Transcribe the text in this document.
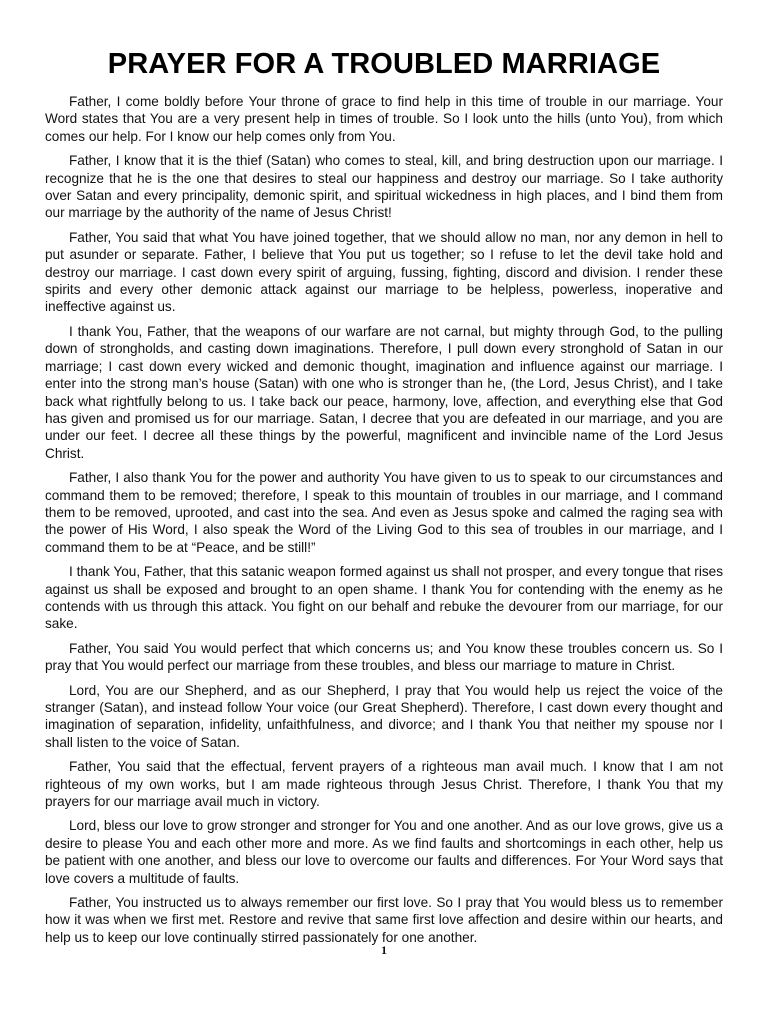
PRAYER FOR A TROUBLED MARRIAGE

Father, I come boldly before Your throne of grace to find help in this time of trouble in our marriage. Your Word states that You are a very present help in times of trouble. So I look unto the hills (unto You), from which comes our help. For I know our help comes only from You.

Father, I know that it is the thief (Satan) who comes to steal, kill, and bring destruction upon our marriage. I recognize that he is the one that desires to steal our happiness and destroy our marriage. So I take authority over Satan and every principality, demonic spirit, and spiritual wickedness in high places, and I bind them from our marriage by the authority of the name of Jesus Christ!

Father, You said that what You have joined together, that we should allow no man, nor any demon in hell to put asunder or separate. Father, I believe that You put us together; so I refuse to let the devil take hold and destroy our marriage. I cast down every spirit of arguing, fussing, fighting, discord and division. I render these spirits and every other demonic attack against our marriage to be helpless, powerless, inoperative and ineffective against us.

I thank You, Father, that the weapons of our warfare are not carnal, but mighty through God, to the pulling down of strongholds, and casting down imaginations. Therefore, I pull down every stronghold of Satan in our marriage; I cast down every wicked and demonic thought, imagination and influence against our marriage. I enter into the strong man’s house (Satan) with one who is stronger than he, (the Lord, Jesus Christ), and I take back what rightfully belong to us. I take back our peace, harmony, love, affection, and everything else that God has given and promised us for our marriage. Satan, I decree that you are defeated in our marriage, and you are under our feet. I decree all these things by the powerful, magnificent and invincible name of the Lord Jesus Christ.

Father, I also thank You for the power and authority You have given to us to speak to our circumstances and command them to be removed; therefore, I speak to this mountain of troubles in our marriage, and I command them to be removed, uprooted, and cast into the sea. And even as Jesus spoke and calmed the raging sea with the power of His Word, I also speak the Word of the Living God to this sea of troubles in our marriage, and I command them to be at “Peace, and be still!”

I thank You, Father, that this satanic weapon formed against us shall not prosper, and every tongue that rises against us shall be exposed and brought to an open shame. I thank You for contending with the enemy as he contends with us through this attack. You fight on our behalf and rebuke the devourer from our marriage, for our sake.

Father, You said You would perfect that which concerns us; and You know these troubles concern us. So I pray that You would perfect our marriage from these troubles, and bless our marriage to mature in Christ.

Lord, You are our Shepherd, and as our Shepherd, I pray that You would help us reject the voice of the stranger (Satan), and instead follow Your voice (our Great Shepherd). Therefore, I cast down every thought and imagination of separation, infidelity, unfaithfulness, and divorce; and I thank You that neither my spouse nor I shall listen to the voice of Satan.

Father, You said that the effectual, fervent prayers of a righteous man avail much. I know that I am not righteous of my own works, but I am made righteous through Jesus Christ. Therefore, I thank You that my prayers for our marriage avail much in victory.

Lord, bless our love to grow stronger and stronger for You and one another. And as our love grows, give us a desire to please You and each other more and more. As we find faults and shortcomings in each other, help us be patient with one another, and bless our love to overcome our faults and differences. For Your Word says that love covers a multitude of faults.

Father, You instructed us to always remember our first love. So I pray that You would bless us to remember how it was when we first met. Restore and revive that same first love affection and desire within our hearts, and help us to keep our love continually stirred passionately for one another.

1
